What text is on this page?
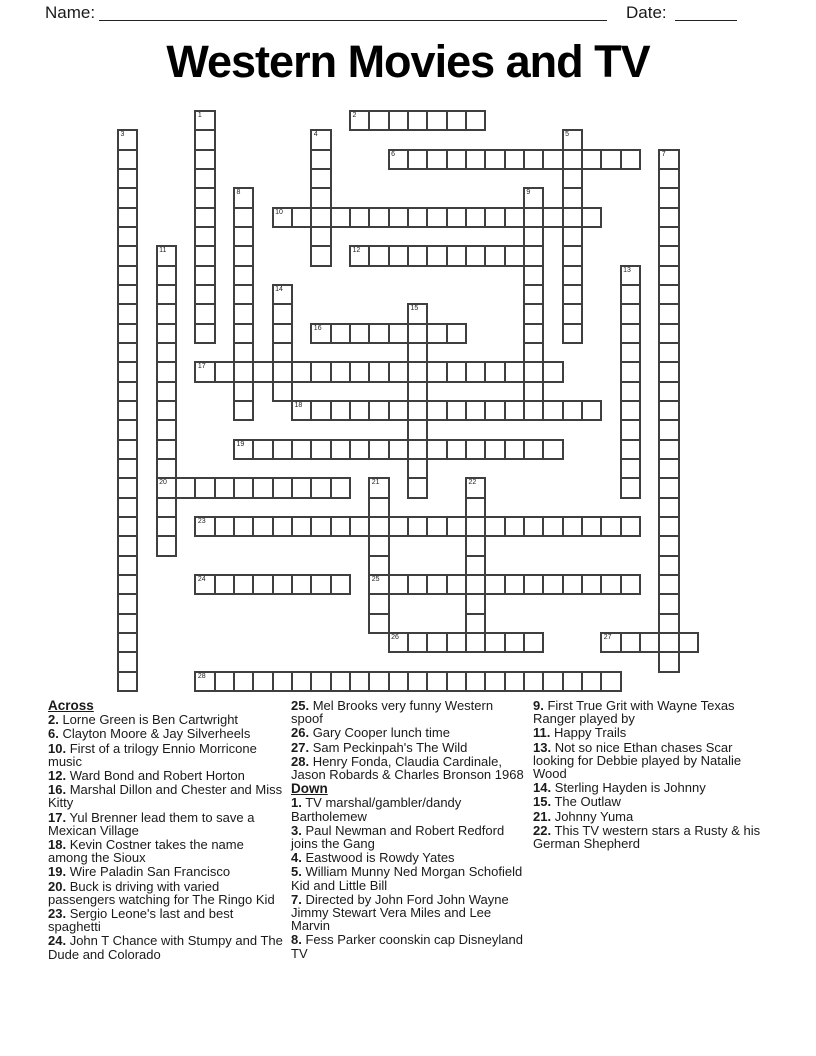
Name:	Date:
Western Movies and TV
2
6
10
12
16
17
18
19
20
23
24	25
26	27
28
1
3	4	5
7
8	9
11
13
14
15
21	22
Across
2. Lorne Green is Ben Cartwright
6. Clayton Moore & Jay Silverheels
10. First of a trilogy Ennio Morricone music
12. Ward Bond and Robert Horton
16. Marshal Dillon and Chester and Miss Kitty
17. Yul Brenner lead them to save a Mexican Village
18. Kevin Costner takes the name among the Sioux
19. Wire Paladin San Francisco
20. Buck is driving with varied passengers watching for The Ringo Kid
23. Sergio Leone's last and best spaghetti
24. John T Chance with Stumpy and The Dude and Colorado
25. Mel Brooks very funny Western spoof
26. Gary Cooper lunch time
27. Sam Peckinpah's The Wild
28. Henry Fonda, Claudia Cardinale, Jason Robards & Charles Bronson 1968
Down
1. TV marshal/gambler/dandy Bartholemew
3. Paul Newman and Robert Redford joins the Gang
4. Eastwood is Rowdy Yates
5. William Munny Ned Morgan Schofield Kid and Little Bill
7. Directed by John Ford John Wayne Jimmy Stewart Vera Miles and Lee Marvin
8. Fess Parker coonskin cap Disneyland TV
9. First True Grit with Wayne Texas Ranger played by
11. Happy Trails
13. Not so nice Ethan chases Scar looking for Debbie played by Natalie Wood
14. Sterling Hayden is Johnny
15. The Outlaw
21. Johnny Yuma
22. This TV western stars a Rusty & his German Shepherd
